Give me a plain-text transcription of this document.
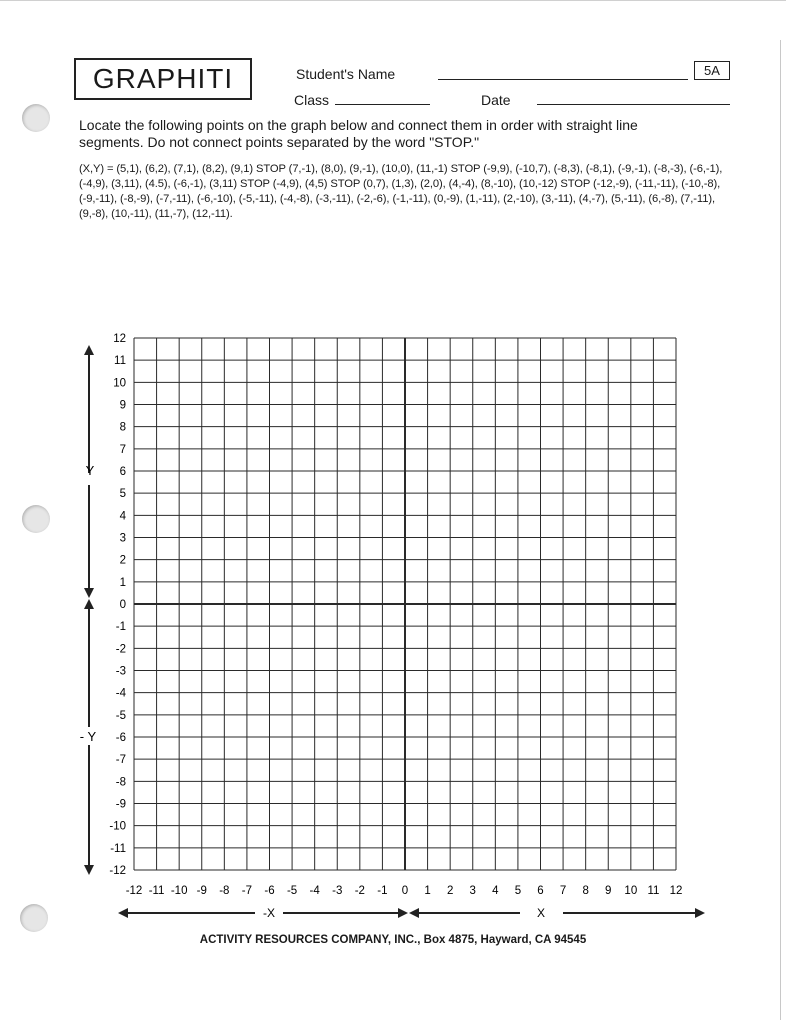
GRAPHITI	Student's Name	5A
Class	Date
Locate the following points on the graph below and connect them in order with straight line segments. Do not connect points separated by the word "STOP."
(X,Y) = (5,1), (6,2), (7,1), (8,2), (9,1) STOP (7,-1), (8,0), (9,-1), (10,0), (11,-1) STOP (-9,9), (-10,7), (-8,3), (-8,1), (-9,-1), (-8,-3), (-6,-1), (-4,9), (3,11), (4.5), (-6,-1), (3,11) STOP (-4,9), (4,5) STOP (0,7), (1,3), (2,0), (4,-4), (8,-10), (10,-12) STOP (-12,-9), (-11,-11), (-10,-8), (-9,-11), (-8,-9), (-7,-11), (-6,-10), (-5,-11), (-4,-8), (-3,-11), (-2,-6), (-1,-11), (0,-9), (1,-11), (2,-10), (3,-11), (4,-7), (5,-11), (6,-8), (7,-11), (9,-8), (10,-11), (11,-7), (12,-11).
12
11
10
9
8
7
6
5
4
3
2
1
0
-1
-2
-3
-4
-5
-6
-7
-8
-9
-10
-11
-12
-12 -11 -10 -9 -8 -7 -6 -5 -4 -3 -2 -1 0 1 2 3 4 5 6 7 8 9 10 11 12
Y
- Y
-X	X
ACTIVITY RESOURCES COMPANY, INC., Box 4875, Hayward, CA 94545
